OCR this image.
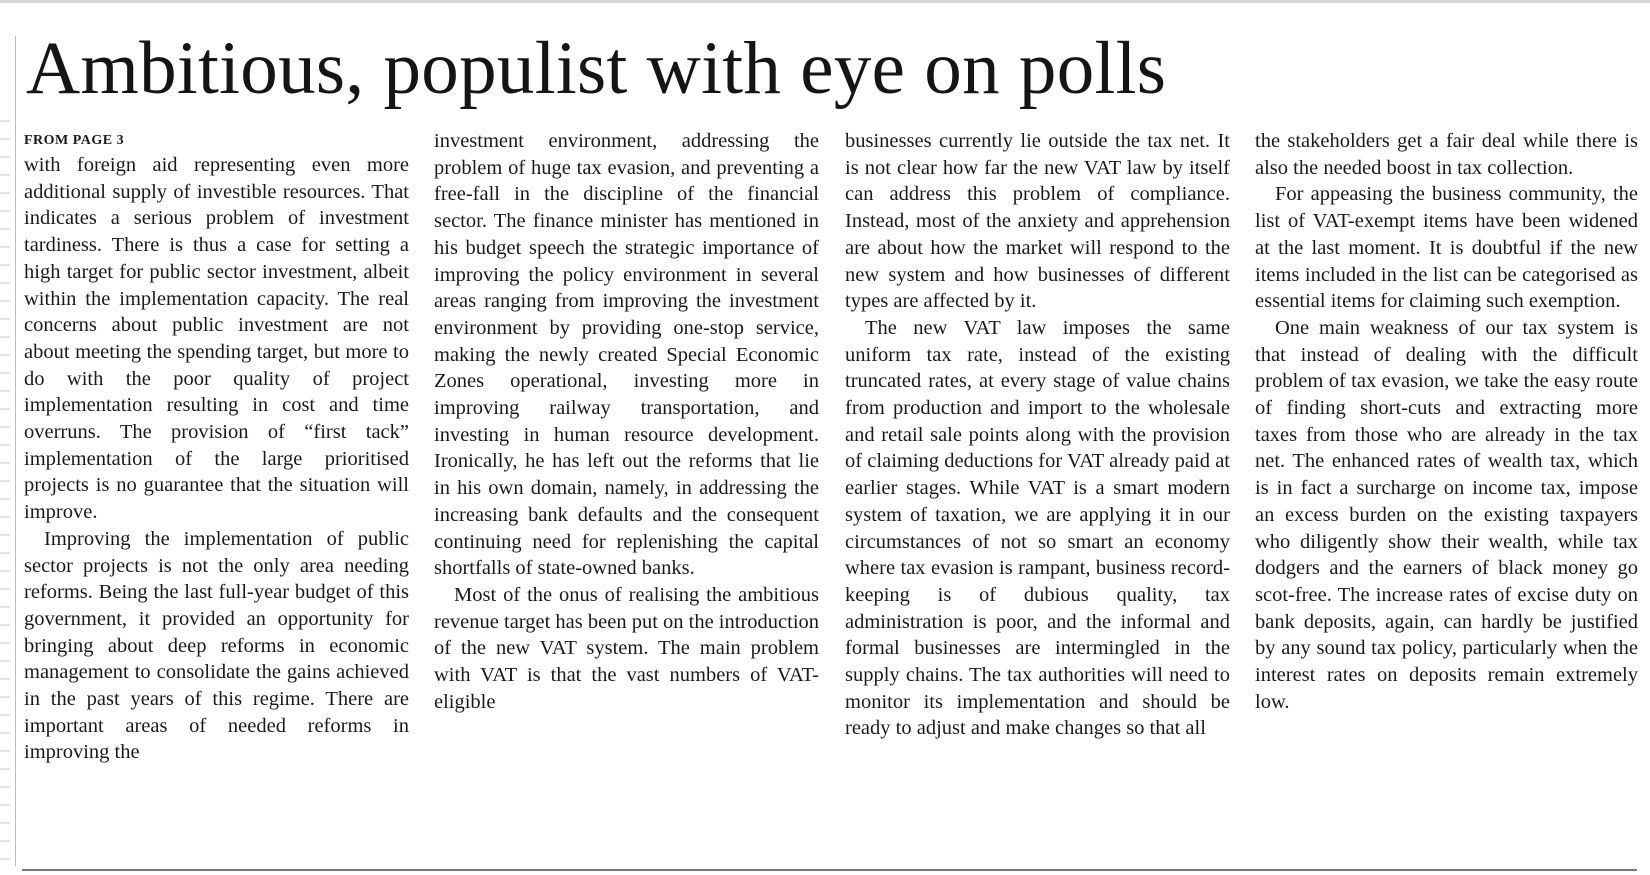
Ambitious, populist with eye on polls
FROM PAGE 3

with foreign aid representing even more additional supply of investible resources. That indicates a serious problem of investment tardiness. There is thus a case for setting a high target for public sector investment, albeit within the implementation capacity. The real concerns about public investment are not about meeting the spending target, but more to do with the poor quality of project implementation resulting in cost and time overruns. The provision of “first tack” implementation of the large prioritised projects is no guarantee that the situation will improve.

Improving the implementation of public sector projects is not the only area needing reforms. Being the last full-year budget of this government, it provided an opportunity for bringing about deep reforms in economic management to consolidate the gains achieved in the past years of this regime. There are important areas of needed reforms in improving the

investment environment, addressing the problem of huge tax evasion, and preventing a free-fall in the discipline of the financial sector. The finance minister has mentioned in his budget speech the strategic importance of improving the policy environment in several areas ranging from improving the investment environment by providing one-stop service, making the newly created Special Economic Zones operational, investing more in improving railway transportation, and investing in human resource development. Ironically, he has left out the reforms that lie in his own domain, namely, in addressing the increasing bank defaults and the consequent continuing need for replenishing the capital shortfalls of state-owned banks.

Most of the onus of realising the ambitious revenue target has been put on the introduction of the new VAT system. The main problem with VAT is that the vast numbers of VAT-eligible

businesses currently lie outside the tax net. It is not clear how far the new VAT law by itself can address this problem of compliance. Instead, most of the anxiety and apprehension are about how the market will respond to the new system and how businesses of different types are affected by it.

The new VAT law imposes the same uniform tax rate, instead of the existing truncated rates, at every stage of value chains from production and import to the wholesale and retail sale points along with the provision of claiming deductions for VAT already paid at earlier stages. While VAT is a smart modern system of taxation, we are applying it in our circumstances of not so smart an economy where tax evasion is rampant, business record-keeping is of dubious quality, tax administration is poor, and the informal and formal businesses are intermingled in the supply chains. The tax authorities will need to monitor its implementation and should be ready to adjust and make changes so that all

the stakeholders get a fair deal while there is also the needed boost in tax collection.

For appeasing the business community, the list of VAT-exempt items have been widened at the last moment. It is doubtful if the new items included in the list can be categorised as essential items for claiming such exemption.

One main weakness of our tax system is that instead of dealing with the difficult problem of tax evasion, we take the easy route of finding short-cuts and extracting more taxes from those who are already in the tax net. The enhanced rates of wealth tax, which is in fact a surcharge on income tax, impose an excess burden on the existing taxpayers who diligently show their wealth, while tax dodgers and the earners of black money go scot-free. The increase rates of excise duty on bank deposits, again, can hardly be justified by any sound tax policy, particularly when the interest rates on deposits remain extremely low.
